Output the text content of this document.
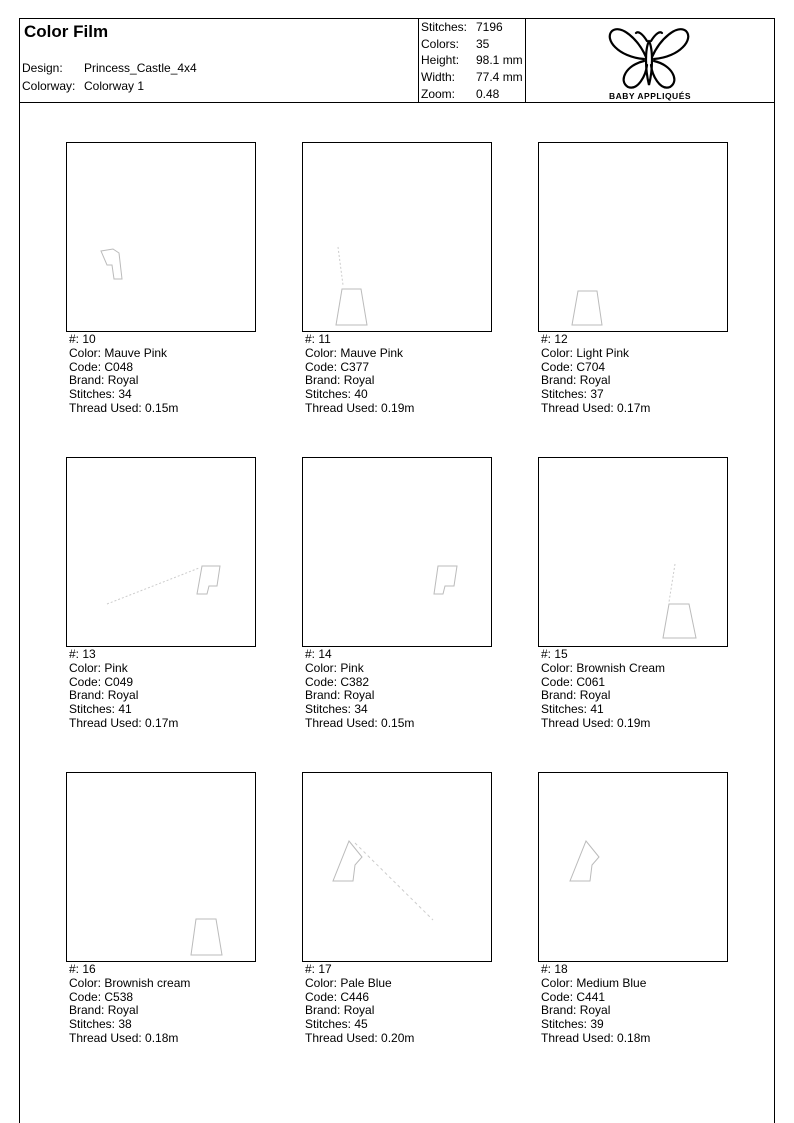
Color Film
Design: Princess_Castle_4x4
Colorway: Colorway 1
Stitches: 7196
Colors: 35
Height: 98.1 mm
Width: 77.4 mm
Zoom: 0.48	BABY APPLIQUÉS
#: 10
Color: Mauve Pink
Code: C048
Brand: Royal
Stitches: 34
Thread Used: 0.15m
#: 11
Color: Mauve Pink
Code: C377
Brand: Royal
Stitches: 40
Thread Used: 0.19m
#: 12
Color: Light Pink
Code: C704
Brand: Royal
Stitches: 37
Thread Used: 0.17m
#: 13
Color: Pink
Code: C049
Brand: Royal
Stitches: 41
Thread Used: 0.17m
#: 14
Color: Pink
Code: C382
Brand: Royal
Stitches: 34
Thread Used: 0.15m
#: 15
Color: Brownish Cream
Code: C061
Brand: Royal
Stitches: 41
Thread Used: 0.19m
#: 16
Color: Brownish cream
Code: C538
Brand: Royal
Stitches: 38
Thread Used: 0.18m
#: 17
Color: Pale Blue
Code: C446
Brand: Royal
Stitches: 45
Thread Used: 0.20m
#: 18
Color: Medium Blue
Code: C441
Brand: Royal
Stitches: 39
Thread Used: 0.18m
